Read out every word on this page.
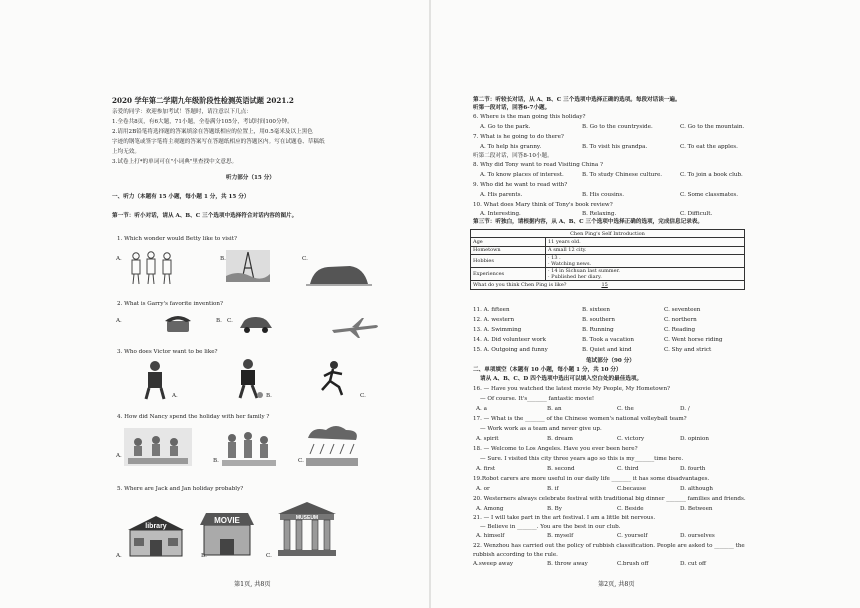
2020 学年第二学期九年级阶段性检测英语试题 2021.2
亲爱的同学：欢迎参加考试！答题时，请注意以下几点：
1.全卷共8页，有6大题，71小题，全卷满分105分，考试时间100分钟。
2.请用2B铅笔将选择题的答案填涂在答题纸相应的位置上，用0.5毫米及以上黑色
字迹的钢笔或签字笔将主观题的答案写在答题纸相应的答题区内。写在试题卷、草稿纸
上均无效。
3.试卷上打*的单词可在"小词典"里查找中文意思。
听力部分（15 分）
一、听力（本题有 15 小题，每小题 1 分，共 15 分）
第一节：听小对话，请从 A、B、C 三个选项中选择符合对话内容的图片。
1. Which wonder would Betty like to visit?
2. What is Garry's favorite invention?
3. Who does Victor want to be like?
4. How did Nancy spend the holiday with her family ?
5. Where are Jack and Jan holiday probably?
A.	B.	C.
A.	B. C.
A.	B.	C.
A.
B.	C.
library
A.
MOVIE
B.
MUSEUM
C.
第1页, 共8页
第二节：听较长对话，从 A、B、C 三个选项中选择正确的选项。每段对话读一遍。
听第一段对话，回答6-7小题。
6. Where is the man going this holiday?
A. Go to the park.	B. Go to the countryside.	C. Go to the mountain.
7. What is he going to do there?
A. To help his granny.	B. To visit his grandpa.	C. To eat the apples.
听第二段对话，回答8-10小题。
8. Why did Tony want to read Visiting China ?
A. To know places of interest.	B. To study Chinese culture.	C. To join a book club.
9. Who did he want to read with?
A. His parents.	B. His cousins.	C. Some classmates.
10. What does Mary think of Tony's book review?
A. Interesting.	B. Relaxing.	C. Difficult.
第三节：听独白，请根据内容，从 A、B、C 三个选项中选择正确的选项，完成信息记录表。
Chen Ping's Self Introduction	
Age	11 years old.
Hometown	A small 12 city.
Hobbies	· 13 .
· Watching news.

Experiences	· 14 in Sichuan last summer.
· Published her diary.

What do you think Chen Ping is like? 15	
11. A. fifteen	B. sixteen	C. seventeen
12. A. western	B. southern	C. northern
13. A. Swimming	B. Running	C. Reading
14. A. Did volunteer work	B. Took a vacation	C. Went horse riding
15. A. Outgoing and funny	B. Quiet and kind	C. Shy and strict
笔试部分（90 分）
二、单项填空（本题有 10 小题，每小题 1 分，共 10 分）
请从 A、B、C、D 四个选项中选出可以填入空白处的最佳选项。
16. — Have you watched the latest movie My People, My Hometown?
— Of course. It's_______ fantastic movie!
A. a	B. an	C. the	D. /
17. — What is the _______ of the Chinese women's national volleyball team?
— Work work as a team and never give up.
A. spirit	B. dream	C. victory	D. opinion
18. — Welcome to Los Angeles. Have you ever been here?
— Sure. I visited this city three years ago so this is my_______time here.
A. first	B. second	C. third	D. fourth
19.Robot carers are more useful in our daily life _______ it has some disadvantages.
A. or	B. if	C.because	D. although
20. Westerners always celebrate festival with traditional big dinner _______ families and friends.
A. Among	B. By	C. Beside	D. Between
21. — I will take part in the art festival. I am a little bit nervous.
— Believe in _______. You are the best in our club.
A. himself	B. myself	C. yourself	D. ourselves
22. Wenzhou has carried out the policy of rubbish classification. People are asked to _______ the
rubbish according to the rule.
A.sweep away	B. throw away	C.brush off	D. cut off
第2页, 共8页
